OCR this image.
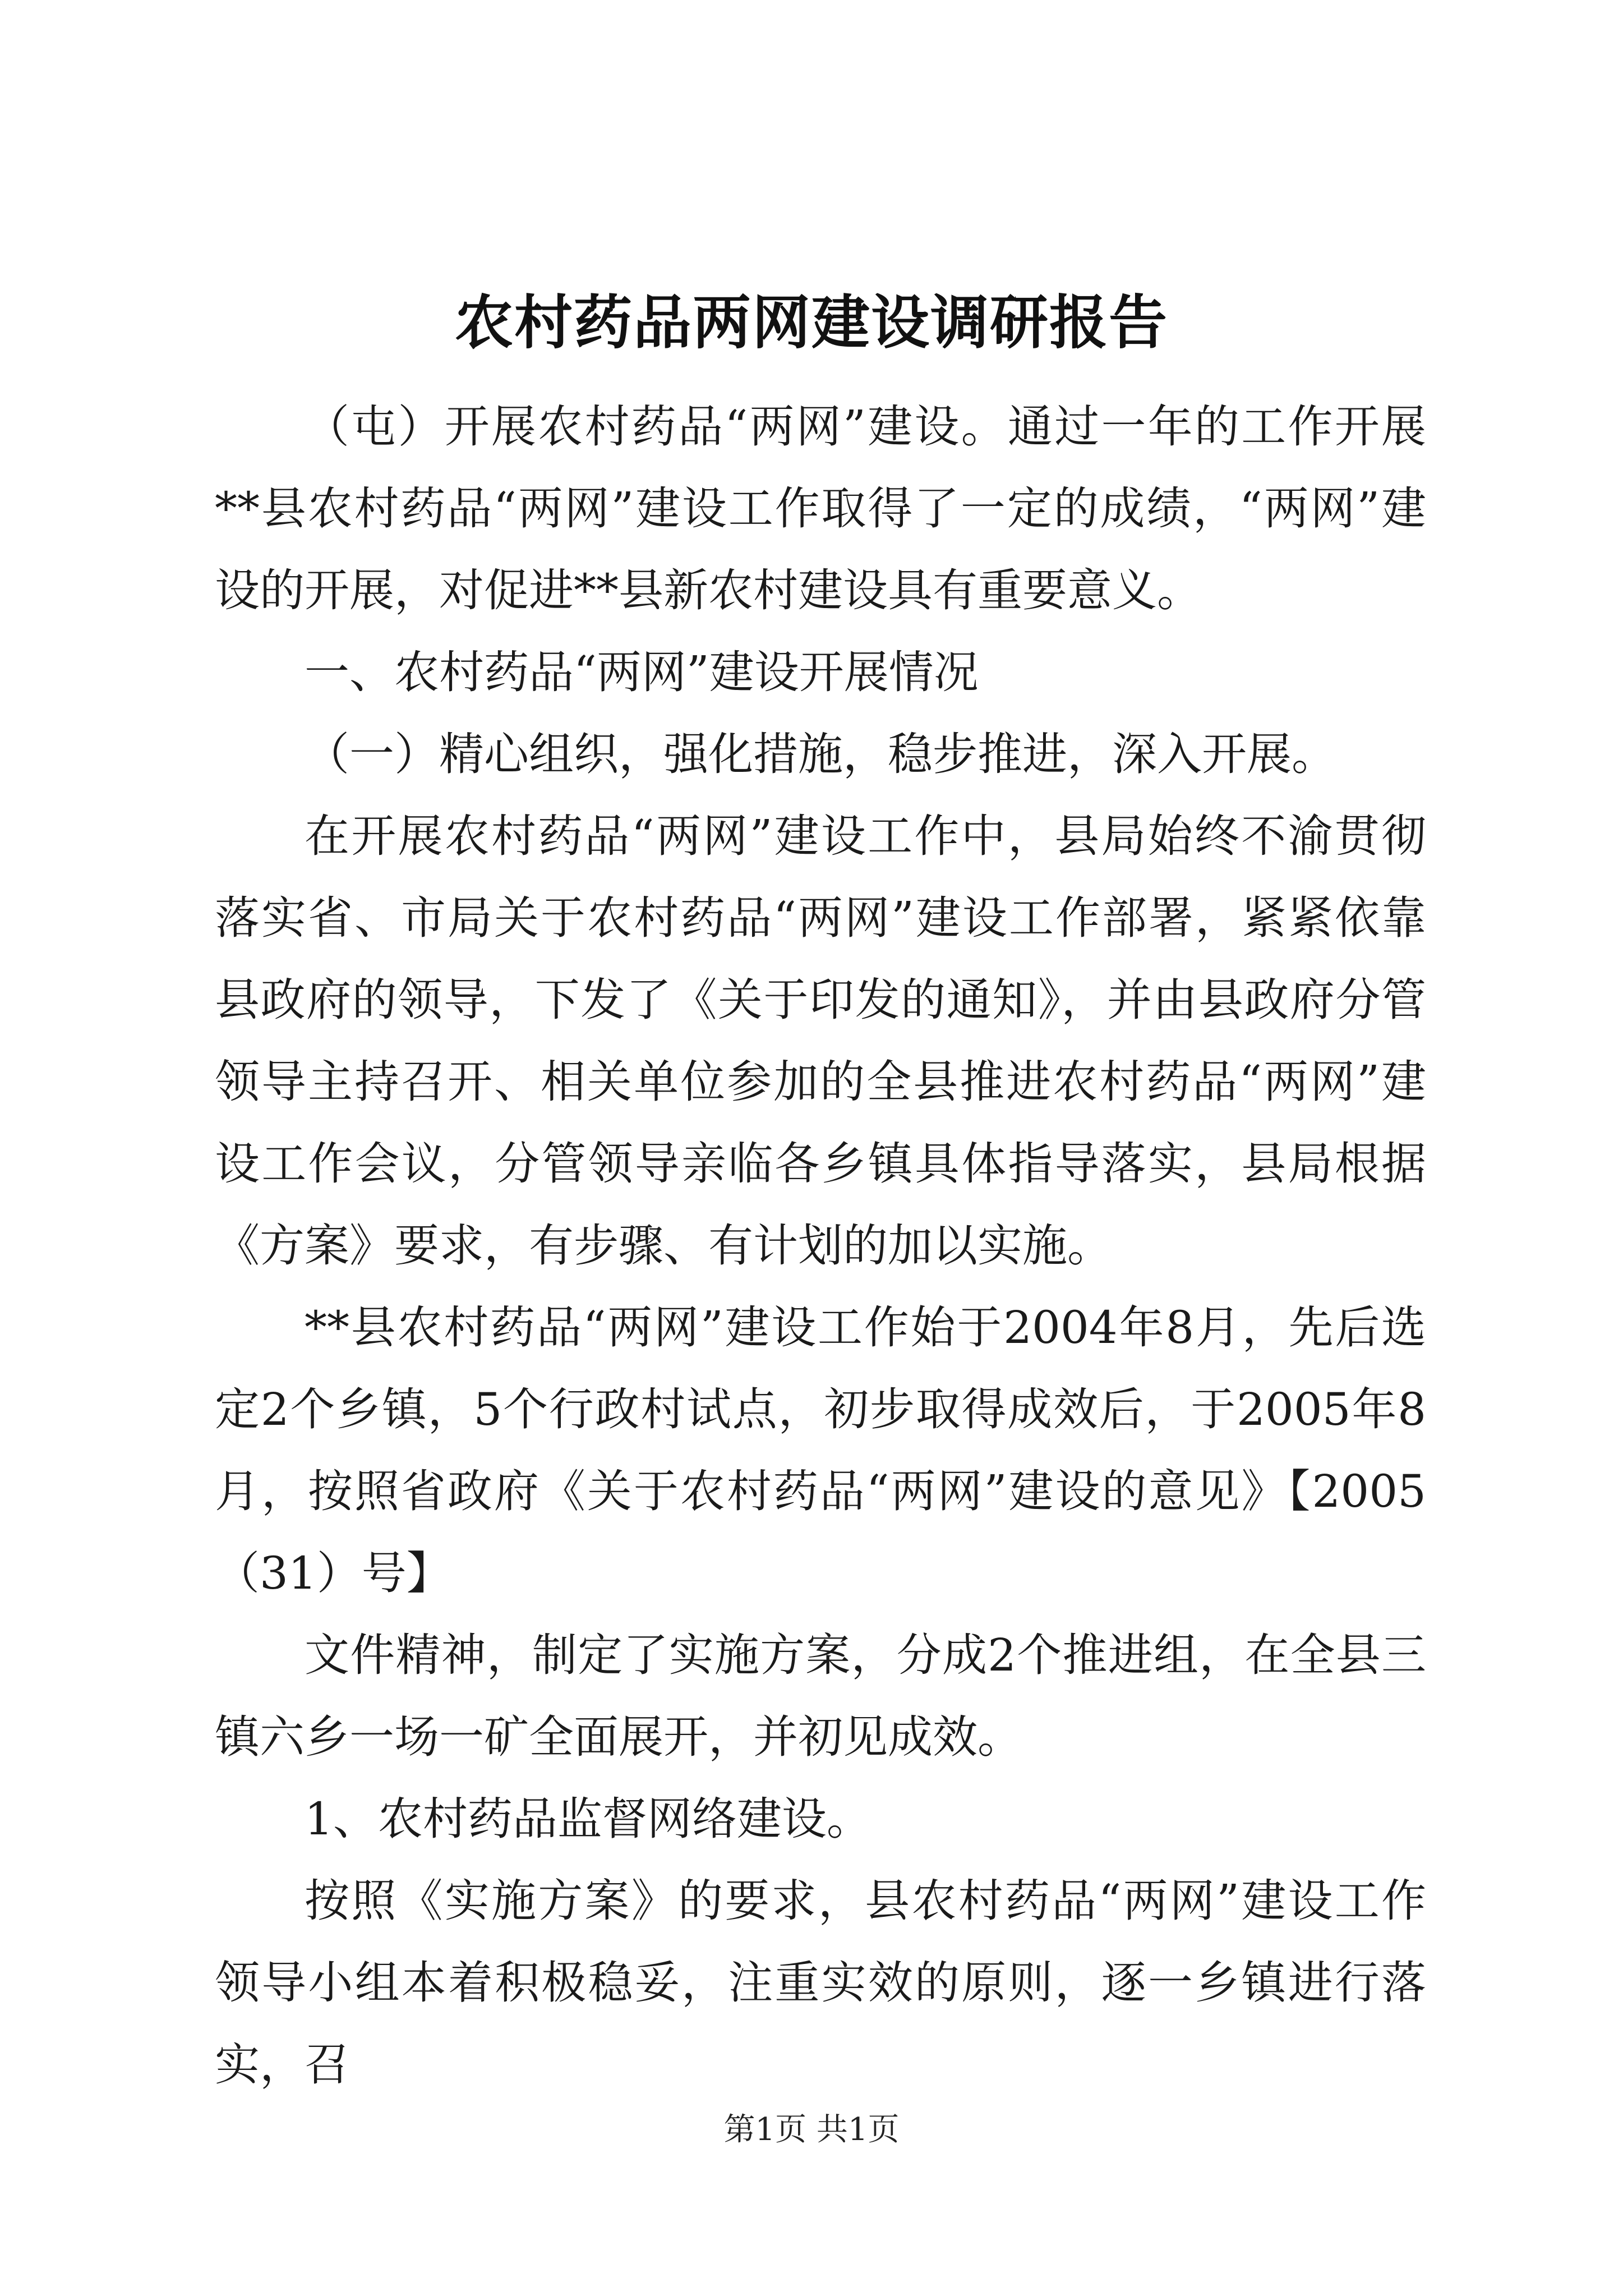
农村药品两网建设调研报告

（屯）开展农村药品“两网”建设。通过一年的工作开展**县农村药品“两网”建设工作取得了一定的成绩，“两网”建设的开展，对促进**县新农村建设具有重要意义。

一、农村药品“两网”建设开展情况

（一）精心组织，强化措施，稳步推进，深入开展。

在开展农村药品“两网”建设工作中，县局始终不渝贯彻落实省、市局关于农村药品“两网”建设工作部署，紧紧依靠县政府的领导，下发了《关于印发的通知》，并由县政府分管领导主持召开、相关单位参加的全县推进农村药品“两网”建设工作会议，分管领导亲临各乡镇具体指导落实，县局根据《方案》要求，有步骤、有计划的加以实施。

**县农村药品“两网”建设工作始于2004年8月，先后选定2个乡镇，5个行政村试点，初步取得成效后，于2005年8月，按照省政府《关于农村药品“两网”建设的意见》【2005（31）号】

文件精神，制定了实施方案，分成2个推进组，在全县三镇六乡一场一矿全面展开，并初见成效。

1、农村药品监督网络建设。

按照《实施方案》的要求，县农村药品“两网”建设工作领导小组本着积极稳妥，注重实效的原则，逐一乡镇进行落实，召

第1页 共1页
